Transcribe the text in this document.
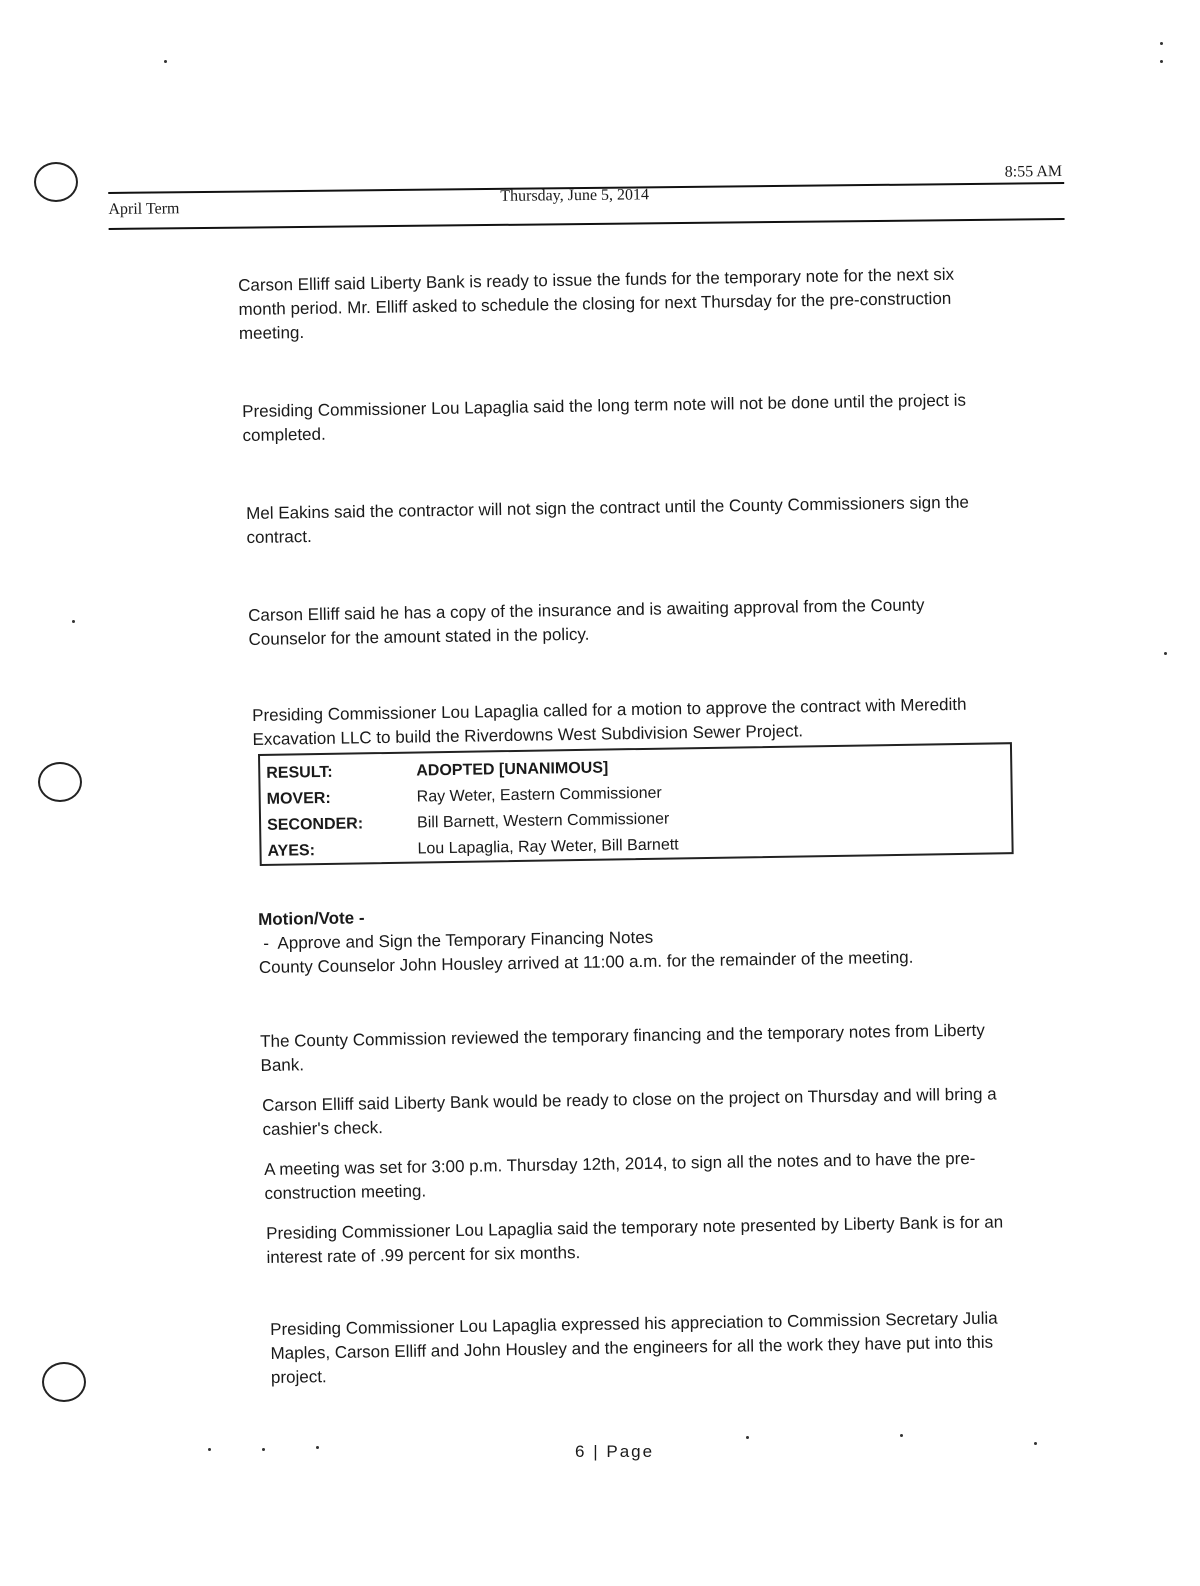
April Term
Thursday, June 5, 2014
8:55 AM

Carson Elliff said Liberty Bank is ready to issue the funds for the temporary note for the next six month period. Mr. Elliff asked to schedule the closing for next Thursday for the pre-construction meeting.

Presiding Commissioner Lou Lapaglia said the long term note will not be done until the project is completed.

Mel Eakins said the contractor will not sign the contract until the County Commissioners sign the contract.

Carson Elliff said he has a copy of the insurance and is awaiting approval from the County Counselor for the amount stated in the policy.

Presiding Commissioner Lou Lapaglia called for a motion to approve the contract with Meredith Excavation LLC to build the Riverdowns West Subdivision Sewer Project.

RESULT:	ADOPTED [UNANIMOUS]
MOVER:	Ray Weter, Eastern Commissioner
SECONDER:	Bill Barnett, Western Commissioner
AYES:	Lou Lapaglia, Ray Weter, Bill Barnett
Motion/Vote -
-  Approve and Sign the Temporary Financing Notes
County Counselor John Housley arrived at 11:00 a.m. for the remainder of the meeting.

The County Commission reviewed the temporary financing and the temporary notes from Liberty Bank.

Carson Elliff said Liberty Bank would be ready to close on the project on Thursday and will bring a cashier's check.

A meeting was set for 3:00 p.m. Thursday 12th, 2014, to sign all the notes and to have the pre-construction meeting.

Presiding Commissioner Lou Lapaglia said the temporary note presented by Liberty Bank is for an interest rate of .99 percent for six months.

Presiding Commissioner Lou Lapaglia expressed his appreciation to Commission Secretary Julia Maples, Carson Elliff and John Housley and the engineers for all the work they have put into this project.

6 | Page
